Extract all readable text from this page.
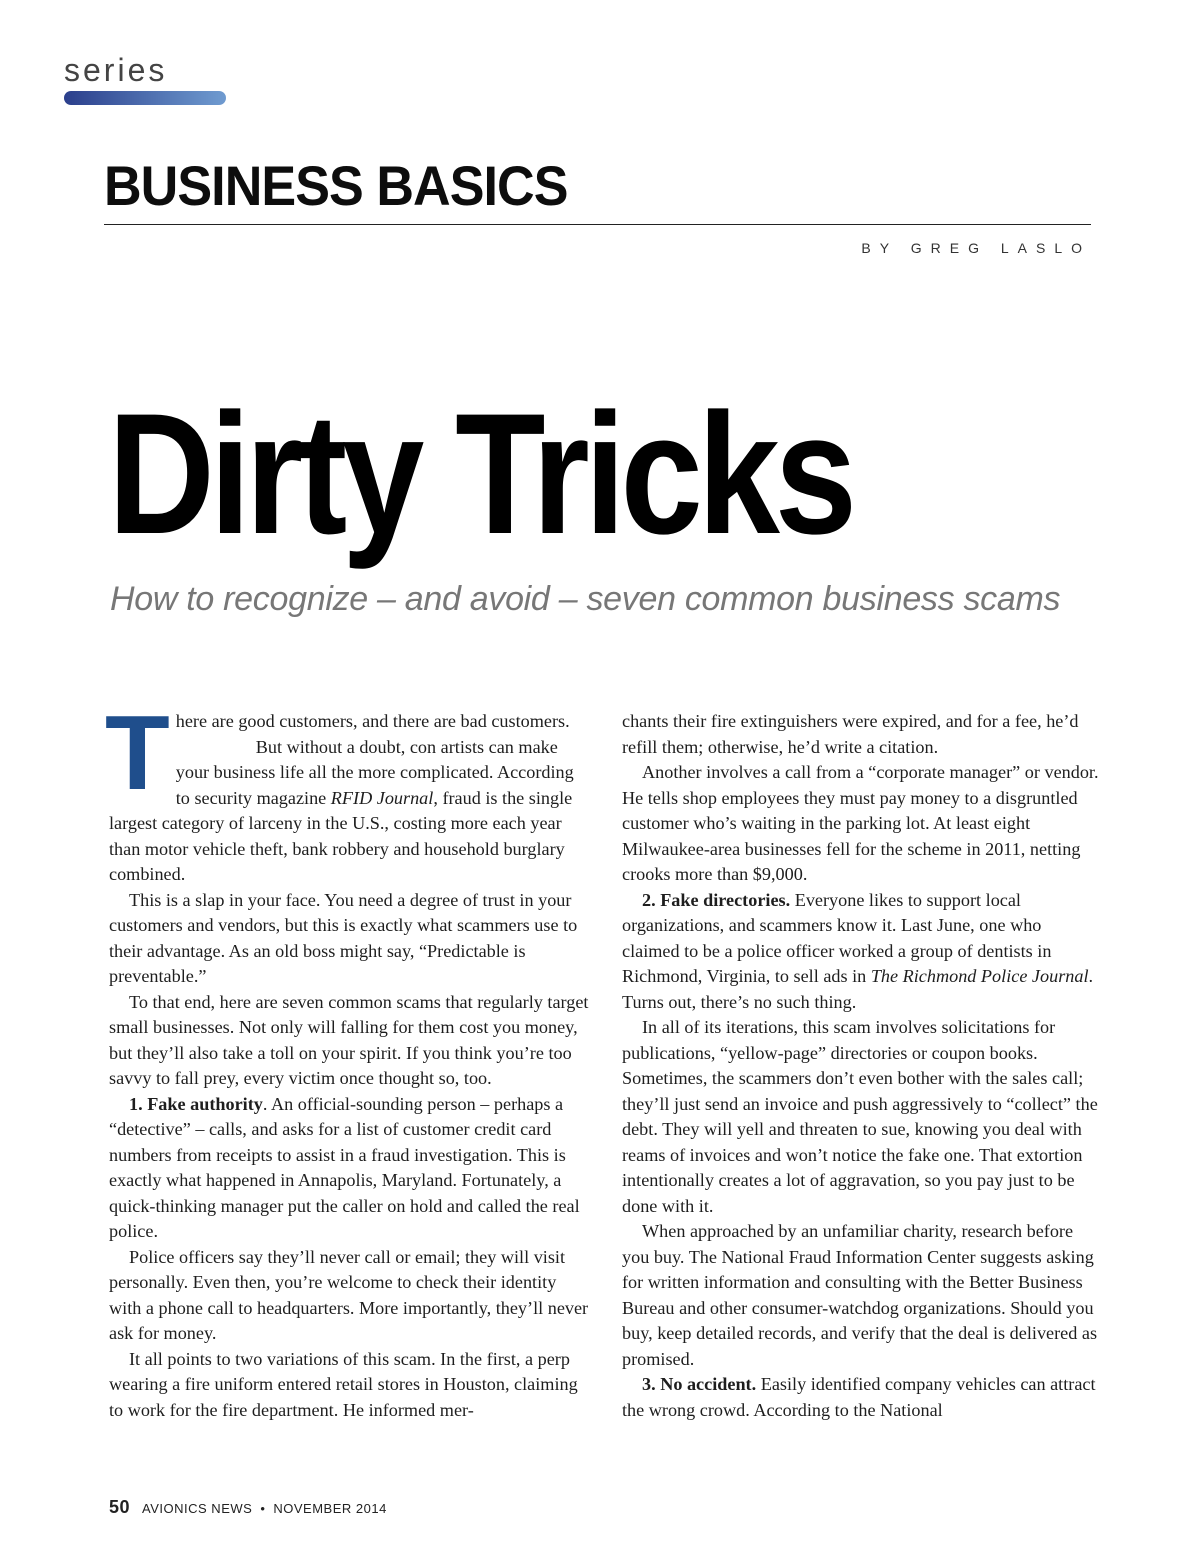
series
BUSINESS BASICS
BY GREG LASLO
Dirty Tricks
How to recognize – and avoid – seven common business scams

There are good customers, and there are bad customers.

But without a doubt, con artists can make your business life all the more complicated. According to security magazine RFID Journal, fraud is the single largest category of larceny in the U.S., costing more each year than motor vehicle theft, bank robbery and household burglary combined.

This is a slap in your face. You need a degree of trust in your customers and vendors, but this is exactly what scammers use to their advantage. As an old boss might say, “Predictable is preventable.”

To that end, here are seven common scams that regularly target small businesses. Not only will falling for them cost you money, but they’ll also take a toll on your spirit. If you think you’re too savvy to fall prey, every victim once thought so, too.

1. Fake authority. An official-sounding person – perhaps a “detective” – calls, and asks for a list of customer credit card numbers from receipts to assist in a fraud investigation. This is exactly what happened in Annapolis, Maryland. Fortunately, a quick-thinking manager put the caller on hold and called the real police.

Police officers say they’ll never call or email; they will visit personally. Even then, you’re welcome to check their identity with a phone call to headquarters. More importantly, they’ll never ask for money.

It all points to two variations of this scam. In the first, a perp wearing a fire uniform entered retail stores in Houston, claiming to work for the fire department. He informed mer-

chants their fire extinguishers were expired, and for a fee, he’d refill them; otherwise, he’d write a citation.

Another involves a call from a “corporate manager” or vendor. He tells shop employees they must pay money to a disgruntled customer who’s waiting in the parking lot. At least eight Milwaukee-area businesses fell for the scheme in 2011, netting crooks more than $9,000.

2. Fake directories. Everyone likes to support local organizations, and scammers know it. Last June, one who claimed to be a police officer worked a group of dentists in Richmond, Virginia, to sell ads in The Richmond Police Journal. Turns out, there’s no such thing.

In all of its iterations, this scam involves solicitations for publications, “yellow-page” directories or coupon books. Sometimes, the scammers don’t even bother with the sales call; they’ll just send an invoice and push aggressively to “collect” the debt. They will yell and threaten to sue, knowing you deal with reams of invoices and won’t notice the fake one. That extortion intentionally creates a lot of aggravation, so you pay just to be done with it.

When approached by an unfamiliar charity, research before you buy. The National Fraud Information Center suggests asking for written information and consulting with the Better Business Bureau and other consumer-watchdog organizations. Should you buy, keep detailed records, and verify that the deal is delivered as promised.

3. No accident. Easily identified company vehicles can attract the wrong crowd. According to the National

50 AVIONICS NEWS • NOVEMBER 2014
